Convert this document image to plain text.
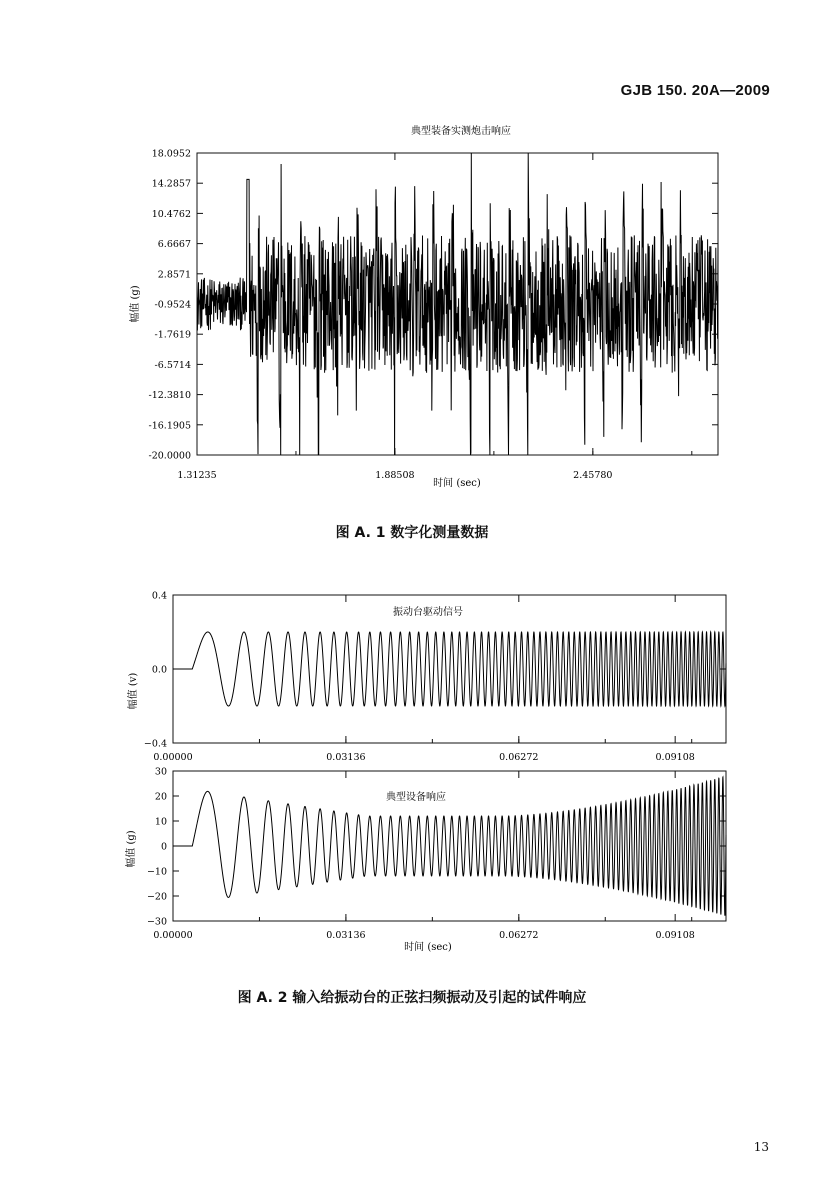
GJB 150. 20A—2009
典型装备实测炮击响应
18.0952
14.2857
10.4762
6.6667
2.8571
-0.9524
-1.7619
-6.5714
-12.3810
-16.1905
-20.0000
1.31235	1.88508	2.45780
幅值 (g)
时间 (sec)
振动台驱动信号
0.4
0.0
−0.4
0.00000	0.03136	0.06272	0.09108
幅值 (v)
典型设备响应
30
20
10
0
−10
−20
−30
0.00000	0.03136	0.06272	0.09108
幅值 (g)
时间 (sec)
图 A. 1 数字化测量数据
图 A. 2 输入给振动台的正弦扫频振动及引起的试件响应
13
